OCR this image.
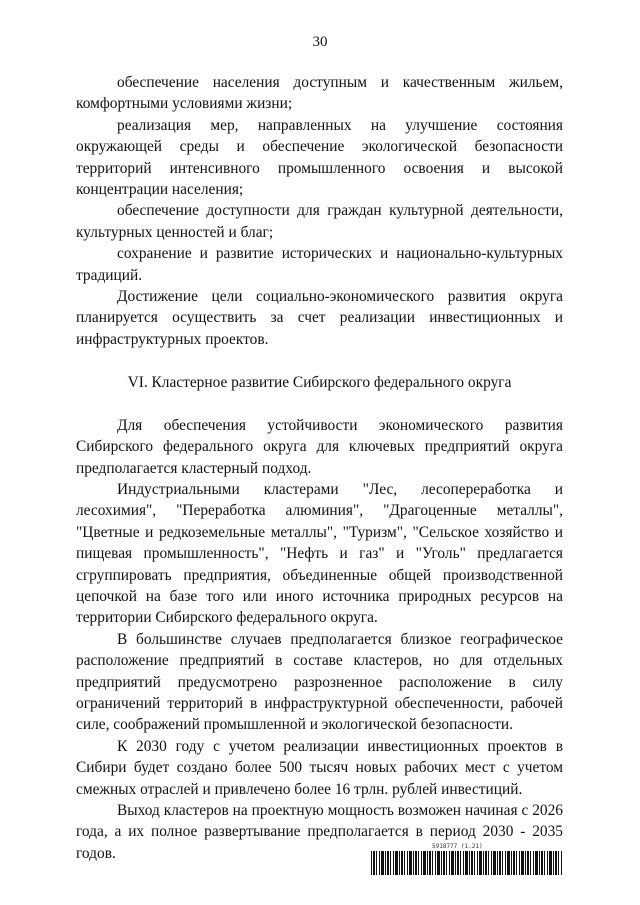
30

обеспечение населения доступным и качественным жильем, комфортными условиями жизни;

реализация мер, направленных на улучшение состояния окружающей среды и обеспечение экологической безопасности территорий интенсивного промышленного освоения и высокой концентрации населения;

обеспечение доступности для граждан культурной деятельности, культурных ценностей и благ;

сохранение и развитие исторических и национально-культурных традиций.

Достижение цели социально-экономического развития округа планируется осуществить за счет реализации инвестиционных и инфраструктурных проектов.

VI. Кластерное развитие Сибирского федерального округа

Для обеспечения устойчивости экономического развития Сибирского федерального округа для ключевых предприятий округа предполагается кластерный подход.

Индустриальными кластерами "Лес, лесопереработка и лесохимия", "Переработка алюминия", "Драгоценные металлы", "Цветные и редкоземельные металлы", "Туризм", "Сельское хозяйство и пищевая промышленность", "Нефть и газ" и "Уголь" предлагается сгруппировать предприятия, объединенные общей производственной цепочкой на базе того или иного источника природных ресурсов на территории Сибирского федерального округа.

В большинстве случаев предполагается близкое географическое расположение предприятий в составе кластеров, но для отдельных предприятий предусмотрено разрозненное расположение в силу ограничений территорий в инфраструктурной обеспеченности, рабочей силе, соображений промышленной и экологической безопасности.

К 2030 году с учетом реализации инвестиционных проектов в Сибири будет создано более 500 тысяч новых рабочих мест с учетом смежных отраслей и привлечено более 16 трлн. рублей инвестиций.

Выход кластеров на проектную мощность возможен начиная с 2026 года, а их полное развертывание предполагается в период 2030 - 2035 годов.	5918777 (1.21)
